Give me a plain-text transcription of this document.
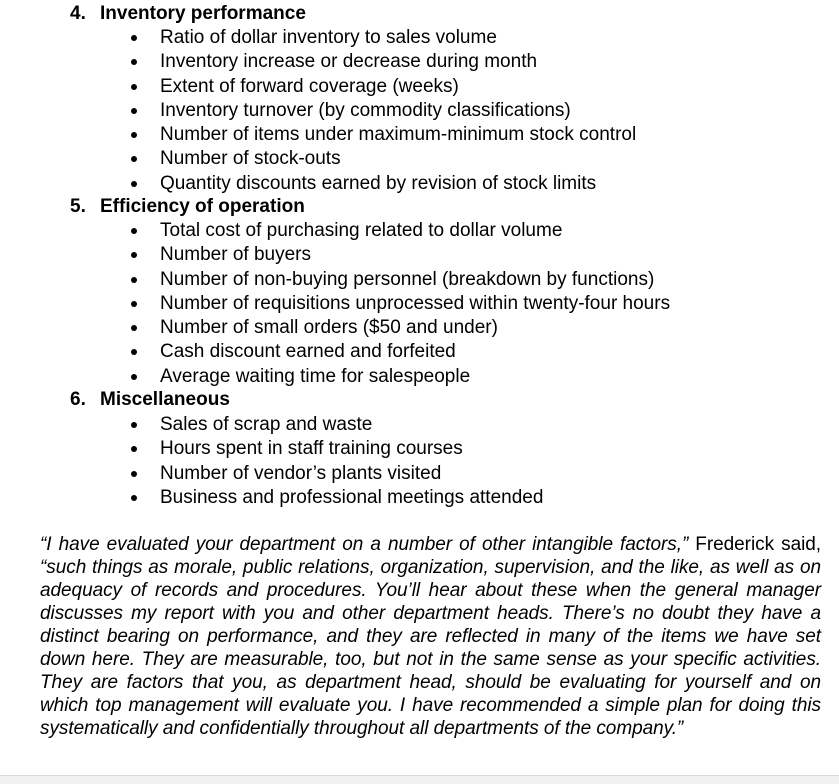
4. Inventory performance
Ratio of dollar inventory to sales volume
Inventory increase or decrease during month
Extent of forward coverage (weeks)
Inventory turnover (by commodity classifications)
Number of items under maximum-minimum stock control
Number of stock-outs
Quantity discounts earned by revision of stock limits
5. Efficiency of operation
Total cost of purchasing related to dollar volume
Number of buyers
Number of non-buying personnel (breakdown by functions)
Number of requisitions unprocessed within twenty-four hours
Number of small orders ($50 and under)
Cash discount earned and forfeited
Average waiting time for salespeople
6. Miscellaneous
Sales of scrap and waste
Hours spent in staff training courses
Number of vendor’s plants visited
Business and professional meetings attended

“I have evaluated your department on a number of other intangible factors,” Frederick said, “such things as morale, public relations, organization, supervision, and the like, as well as on adequacy of records and procedures. You’ll hear about these when the general manager discusses my report with you and other department heads. There’s no doubt they have a distinct bearing on performance, and they are reflected in many of the items we have set down here. They are measurable, too, but not in the same sense as your specific activities. They are factors that you, as department head, should be evaluating for yourself and on which top management will evaluate you. I have recommended a simple plan for doing this systematically and confidentially throughout all departments of the company.”
